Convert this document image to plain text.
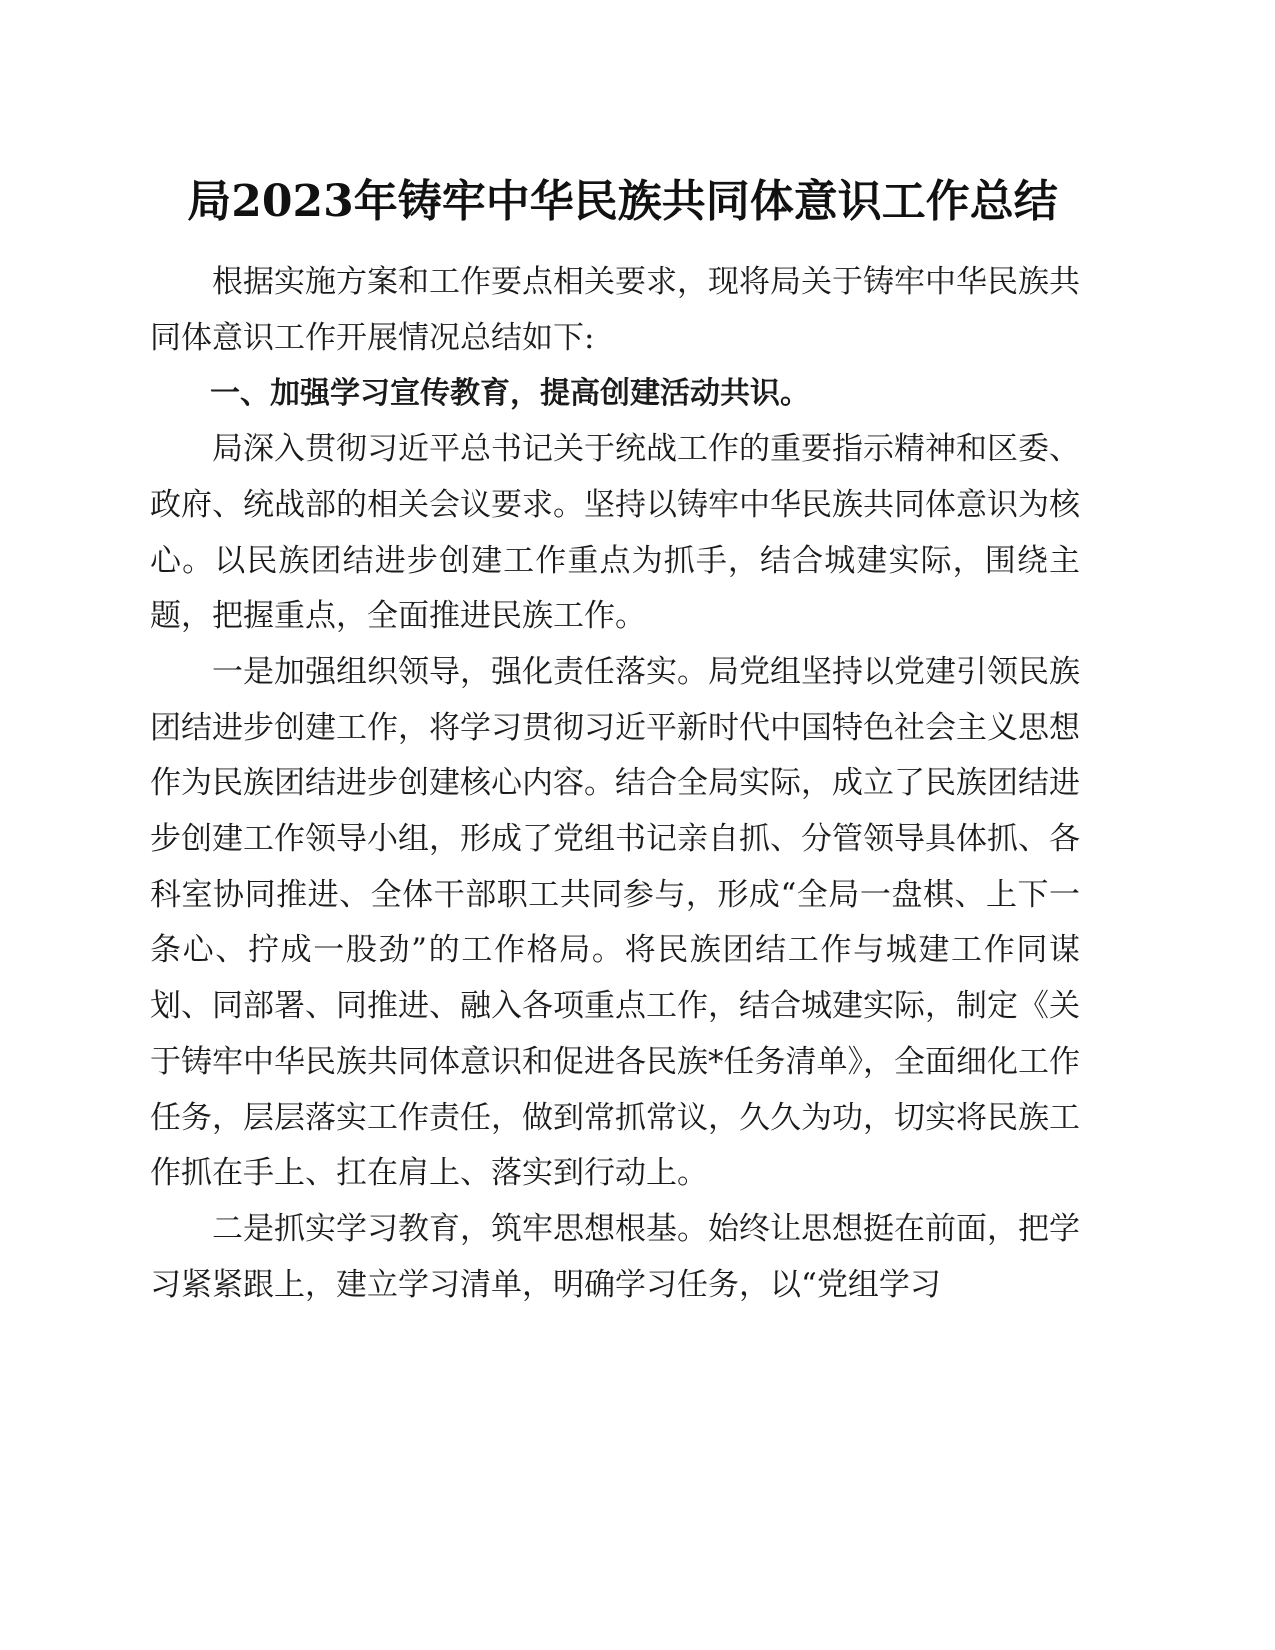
局2023年铸牢中华民族共同体意识工作总结

根据实施方案和工作要点相关要求，现将局关于铸牢中华民族共同体意识工作开展情况总结如下:

一、加强学习宣传教育，提高创建活动共识。

局深入贯彻习近平总书记关于统战工作的重要指示精神和区委、政府、统战部的相关会议要求。坚持以铸牢中华民族共同体意识为核心。以民族团结进步创建工作重点为抓手，结合城建实际，围绕主题，把握重点，全面推进民族工作。

一是加强组织领导，强化责任落实。局党组坚持以党建引领民族团结进步创建工作，将学习贯彻习近平新时代中国特色社会主义思想作为民族团结进步创建核心内容。结合全局实际，成立了民族团结进步创建工作领导小组，形成了党组书记亲自抓、分管领导具体抓、各科室协同推进、全体干部职工共同参与，形成“全局一盘棋、上下一条心、拧成一股劲”的工作格局。将民族团结工作与城建工作同谋划、同部署、同推进、融入各项重点工作，结合城建实际，制定《关于铸牢中华民族共同体意识和促进各民族*任务清单》，全面细化工作任务，层层落实工作责任，做到常抓常议，久久为功，切实将民族工作抓在手上、扛在肩上、落实到行动上。

二是抓实学习教育，筑牢思想根基。始终让思想挺在前面，把学习紧紧跟上，建立学习清单，明确学习任务，以“党组学习
